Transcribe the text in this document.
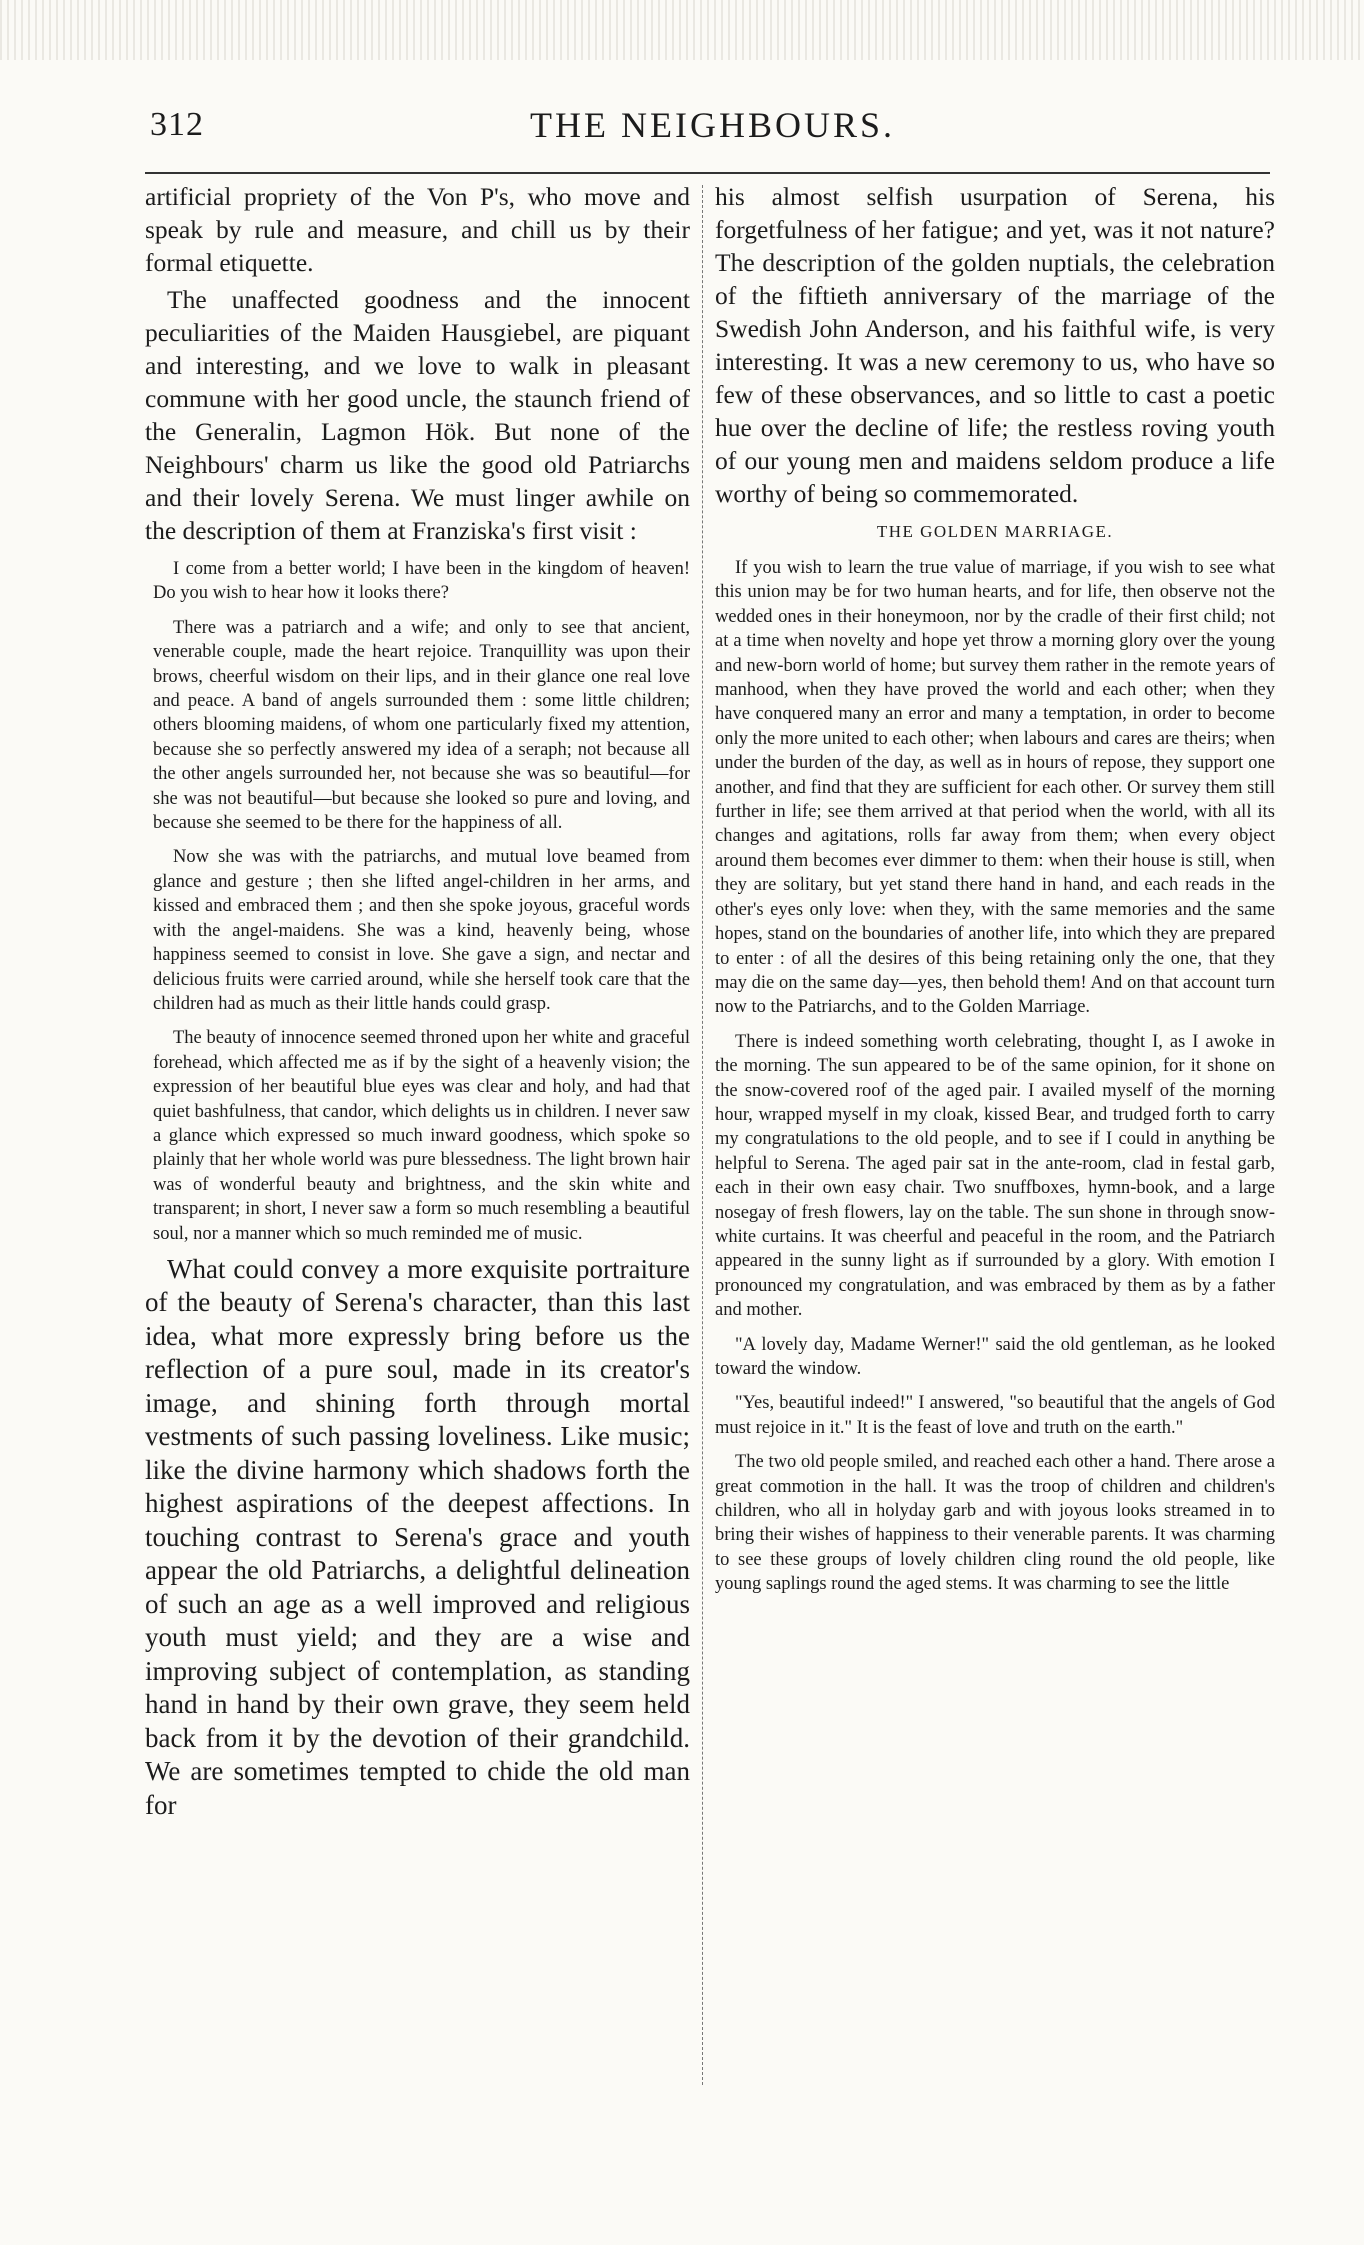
312	THE NEIGHBOURS.

artificial propriety of the Von P's, who move and speak by rule and measure, and chill us by their formal etiquette.

The unaffected goodness and the innocent peculiarities of the Maiden Hausgiebel, are piquant and interesting, and we love to walk in pleasant commune with her good uncle, the staunch friend of the Generalin, Lagmon Hök. But none of the Neighbours' charm us like the good old Patriarchs and their lovely Serena. We must linger awhile on the description of them at Franziska's first visit :

I come from a better world; I have been in the kingdom of heaven! Do you wish to hear how it looks there?

There was a patriarch and a wife; and only to see that ancient, venerable couple, made the heart rejoice. Tranquillity was upon their brows, cheerful wisdom on their lips, and in their glance one real love and peace. A band of angels surrounded them : some little children; others blooming maidens, of whom one particularly fixed my attention, because she so perfectly answered my idea of a seraph; not because all the other angels surrounded her, not because she was so beautiful—for she was not beautiful—but because she looked so pure and loving, and because she seemed to be there for the happiness of all.

Now she was with the patriarchs, and mutual love beamed from glance and gesture ; then she lifted angel-children in her arms, and kissed and embraced them ; and then she spoke joyous, graceful words with the angel-maidens. She was a kind, heavenly being, whose happiness seemed to consist in love. She gave a sign, and nectar and delicious fruits were carried around, while she herself took care that the children had as much as their little hands could grasp.

The beauty of innocence seemed throned upon her white and graceful forehead, which affected me as if by the sight of a heavenly vision; the expression of her beautiful blue eyes was clear and holy, and had that quiet bashfulness, that candor, which delights us in children. I never saw a glance which expressed so much inward goodness, which spoke so plainly that her whole world was pure blessedness. The light brown hair was of wonderful beauty and brightness, and the skin white and transparent; in short, I never saw a form so much resembling a beautiful soul, nor a manner which so much reminded me of music.

What could convey a more exquisite portraiture of the beauty of Serena's character, than this last idea, what more expressly bring before us the reflection of a pure soul, made in its creator's image, and shining forth through mortal vestments of such passing loveliness. Like music; like the divine harmony which shadows forth the highest aspirations of the deepest affections. In touching contrast to Serena's grace and youth appear the old Patriarchs, a delightful delineation of such an age as a well improved and religious youth must yield; and they are a wise and improving subject of contemplation, as standing hand in hand by their own grave, they seem held back from it by the devotion of their grandchild. We are sometimes tempted to chide the old man for

his almost selfish usurpation of Serena, his forgetfulness of her fatigue; and yet, was it not nature? The description of the golden nuptials, the celebration of the fiftieth anniversary of the marriage of the Swedish John Anderson, and his faithful wife, is very interesting. It was a new ceremony to us, who have so few of these observances, and so little to cast a poetic hue over the decline of life; the restless roving youth of our young men and maidens seldom produce a life worthy of being so commemorated.

THE GOLDEN MARRIAGE.

If you wish to learn the true value of marriage, if you wish to see what this union may be for two human hearts, and for life, then observe not the wedded ones in their honeymoon, nor by the cradle of their first child; not at a time when novelty and hope yet throw a morning glory over the young and new-born world of home; but survey them rather in the remote years of manhood, when they have proved the world and each other; when they have conquered many an error and many a temptation, in order to become only the more united to each other; when labours and cares are theirs; when under the burden of the day, as well as in hours of repose, they support one another, and find that they are sufficient for each other. Or survey them still further in life; see them arrived at that period when the world, with all its changes and agitations, rolls far away from them; when every object around them becomes ever dimmer to them: when their house is still, when they are solitary, but yet stand there hand in hand, and each reads in the other's eyes only love: when they, with the same memories and the same hopes, stand on the boundaries of another life, into which they are prepared to enter : of all the desires of this being retaining only the one, that they may die on the same day—yes, then behold them! And on that account turn now to the Patriarchs, and to the Golden Marriage.

There is indeed something worth celebrating, thought I, as I awoke in the morning. The sun appeared to be of the same opinion, for it shone on the snow-covered roof of the aged pair. I availed myself of the morning hour, wrapped myself in my cloak, kissed Bear, and trudged forth to carry my congratulations to the old people, and to see if I could in anything be helpful to Serena. The aged pair sat in the ante-room, clad in festal garb, each in their own easy chair. Two snuffboxes, hymn-book, and a large nosegay of fresh flowers, lay on the table. The sun shone in through snow-white curtains. It was cheerful and peaceful in the room, and the Patriarch appeared in the sunny light as if surrounded by a glory. With emotion I pronounced my congratulation, and was embraced by them as by a father and mother.

"A lovely day, Madame Werner!" said the old gentleman, as he looked toward the window.

"Yes, beautiful indeed!" I answered, "so beautiful that the angels of God must rejoice in it." It is the feast of love and truth on the earth."

The two old people smiled, and reached each other a hand. There arose a great commotion in the hall. It was the troop of children and children's children, who all in holyday garb and with joyous looks streamed in to bring their wishes of happiness to their venerable parents. It was charming to see these groups of lovely children cling round the old people, like young saplings round the aged stems. It was charming to see the little
